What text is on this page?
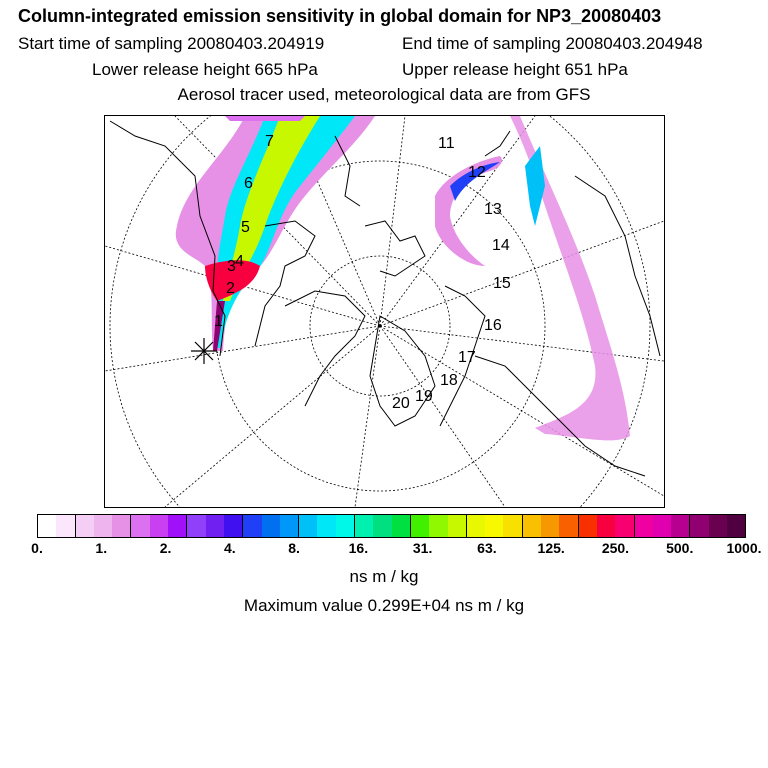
Column-integrated emission sensitivity in global domain for NP3_20080403
Start time of sampling 20080403.204919	End time of sampling 20080403.204948
Lower release height 665 hPa	Upper release height 651 hPa
Aerosol tracer used, meteorological data are from GFS
1
2
3 4
5
6
7	11
12
13
14
15
16
17
18
19
20
0.	1.	2.	4.	8.	16.	31.	63.	125.	250.	500. 1000.
ns m / kg
Maximum value 0.299E+04 ns m / kg
